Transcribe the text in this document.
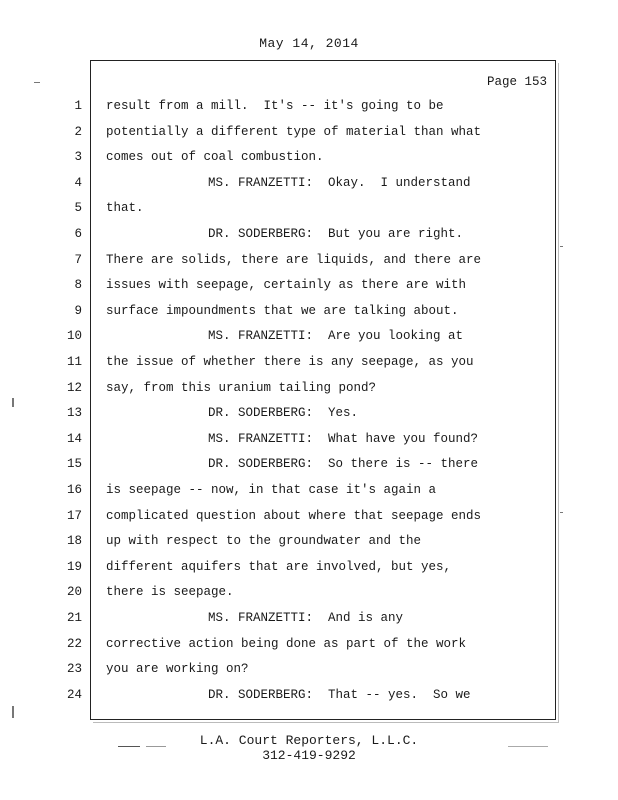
May 14, 2014
Page 153
1 result from a mill.  It's -- it's going to be
2 potentially a different type of material than what
3 comes out of coal combustion.
4	MS. FRANZETTI:  Okay.  I understand
5 that.
6	DR. SODERBERG:  But you are right.
7 There are solids, there are liquids, and there are
8 issues with seepage, certainly as there are with
9 surface impoundments that we are talking about.
10	MS. FRANZETTI:  Are you looking at
11 the issue of whether there is any seepage, as you
12 say, from this uranium tailing pond?
13	DR. SODERBERG:  Yes.
14	MS. FRANZETTI:  What have you found?
15	DR. SODERBERG:  So there is -- there
16 is seepage -- now, in that case it's again a
17 complicated question about where that seepage ends
18 up with respect to the groundwater and the
19 different aquifers that are involved, but yes,
20 there is seepage.
21	MS. FRANZETTI:  And is any
22 corrective action being done as part of the work
23 you are working on?
24	DR. SODERBERG:  That -- yes.  So we
L.A. Court Reporters, L.L.C.
312-419-9292
